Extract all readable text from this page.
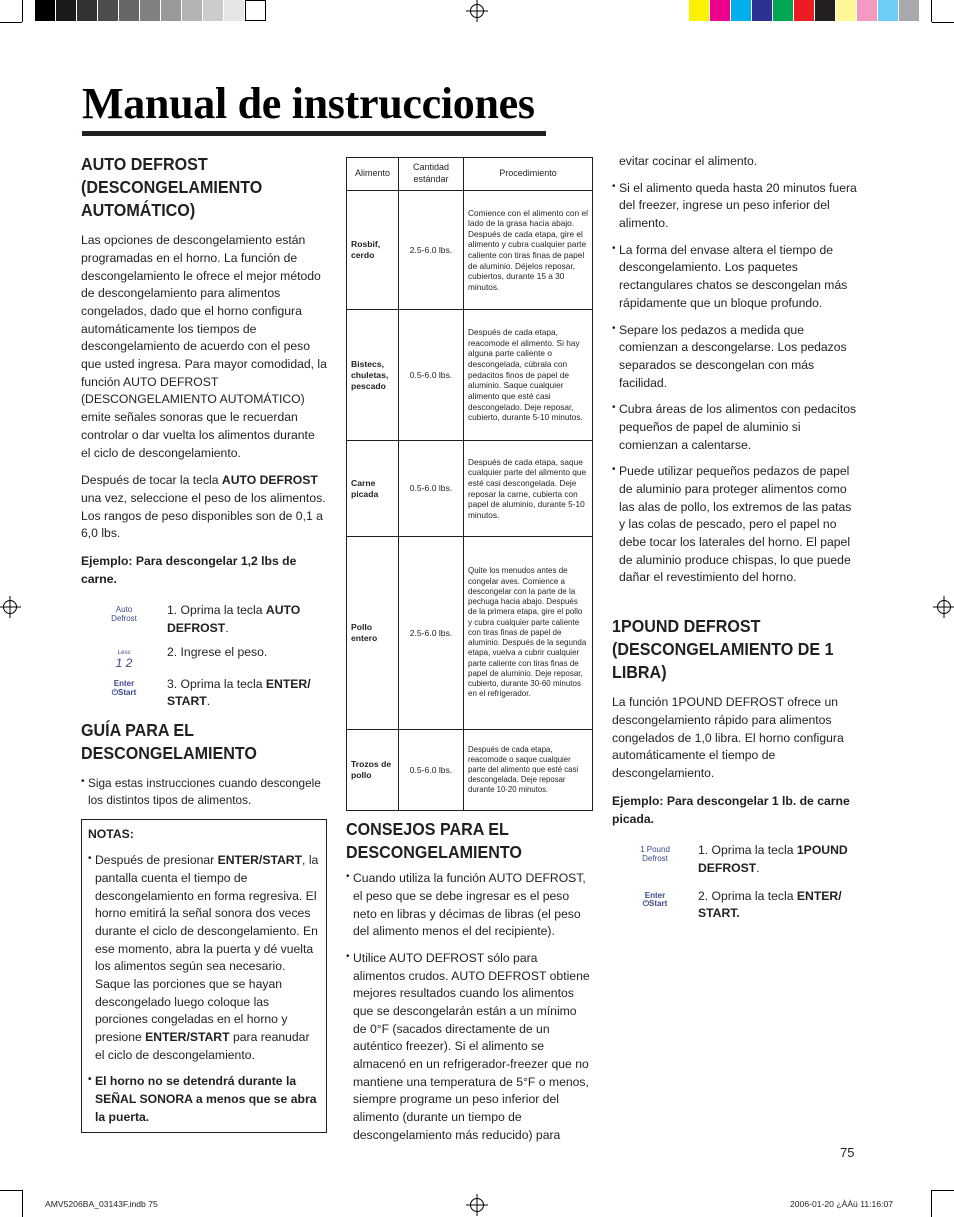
Manual de instrucciones
AUTO DEFROST (DESCONGELAMIENTO AUTOMÁTICO)

Las opciones de descongelamiento están programadas en el horno. La función de descongelamiento le ofrece el mejor método de descongelamiento para alimentos congelados, dado que el horno configura automáticamente los tiempos de descongelamiento de acuerdo con el peso que usted ingresa. Para mayor comodidad, la función AUTO DEFROST (DESCONGELAMIENTO AUTOMÁTICO) emite señales sonoras que le recuerdan controlar o dar vuelta los alimentos durante el ciclo de descongelamiento.

Después de tocar la tecla AUTO DEFROST una vez, seleccione el peso de los alimentos. Los rangos de peso disponibles son de 0,1 a 6,0 lbs.

Ejemplo: Para descongelar 1,2 lbs de carne.

Auto
Defrost
1. Oprima la tecla AUTO DEFROST.
Less
1 2
2. Ingrese el peso.
Enter
⏻︎Start
3. Oprima la tecla ENTER/ START.
GUÍA PARA EL DESCONGELAMIENTO
• Siga estas instrucciones cuando descongele los distintos tipos de alimentos.
NOTAS:
• Después de presionar ENTER/START, la pantalla cuenta el tiempo de descongelamiento en forma regresiva. El horno emitirá la señal sonora dos veces durante el ciclo de descongelamiento. En ese momento, abra la puerta y dé vuelta los alimentos según sea necesario. Saque las porciones que se hayan descongelado luego coloque las porciones congeladas en el horno y presione ENTER/START para reanudar el ciclo de descongelamiento.
• El horno no se detendrá durante la SEÑAL SONORA a menos que se abra la puerta.
Alimento	Cantidad estándar	Procedimiento
Rosbif, cerdo	2.5-6.0 lbs.	Comience con el alimento con el lado de la grasa hacia abajo. Después de cada etapa, gire el alimento y cubra cualquier parte caliente con tiras finas de papel de aluminio. Déjelos reposar, cubiertos, durante 15 a 30 minutos.
Bistecs, chuletas, pescado	0.5-6.0 lbs.	Después de cada etapa, reacomode el alimento. Si hay alguna parte caliente o descongelada, cúbrala con pedacitos finos de papel de aluminio. Saque cualquier alimento que esté casi descongelado. Deje reposar, cubierto, durante 5-10 minutos.
Carne picada	0.5-6.0 lbs.	Después de cada etapa, saque cualquier parte del alimento que esté casi descongelada. Deje reposar la carne, cubierta con papel de aluminio, durante 5-10 minutos.
Pollo entero	2.5-6.0 lbs.	Quite los menudos antes de congelar aves. Comience a descongelar con la parte de la pechuga hacia abajo. Después de la primera etapa, gire el pollo y cubra cualquier parte caliente con tiras finas de papel de aluminio. Después de la segunda etapa, vuelva a cubrir cualquier parte caliente con tiras finas de papel de aluminio. Deje reposar, cubierto, durante 30-60 minutos en el refrigerador.
Trozos de pollo	0.5-6.0 lbs.	Después de cada etapa, reacomode o saque cualquier parte del alimento que esté casi descongelada. Deje reposar durante 10-20 minutos.
CONSEJOS PARA EL DESCONGELAMIENTO
• Cuando utiliza la función AUTO DEFROST, el peso que se debe ingresar es el peso neto en libras y décimas de libras (el peso del alimento menos el del recipiente).
• Utilice AUTO DEFROST sólo para alimentos crudos. AUTO DEFROST obtiene mejores resultados cuando los alimentos que se descongelarán están a un mínimo de 0°F (sacados directamente de un auténtico freezer). Si el alimento se almacenó en un refrigerador-freezer que no mantiene una temperatura de 5°F o menos, siempre programe un peso inferior del alimento (durante un tiempo de descongelamiento más reducido) para
evitar cocinar el alimento.
• Si el alimento queda hasta 20 minutos fuera del freezer, ingrese un peso inferior del alimento.
• La forma del envase altera el tiempo de descongelamiento. Los paquetes rectangulares chatos se descongelan más rápidamente que un bloque profundo.
• Separe los pedazos a medida que comienzan a descongelarse. Los pedazos separados se descongelan con más facilidad.
• Cubra áreas de los alimentos con pedacitos pequeños de papel de aluminio si comienzan a calentarse.
• Puede utilizar pequeños pedazos de papel de aluminio para proteger alimentos como las alas de pollo, los extremos de las patas y las colas de pescado, pero el papel no debe tocar los laterales del horno. El papel de aluminio produce chispas, lo que puede dañar el revestimiento del horno.
1POUND DEFROST (DESCONGELAMIENTO DE 1 LIBRA)

La función 1POUND DEFROST ofrece un descongelamiento rápido para alimentos congelados de 1,0 libra. El horno configura automáticamente el tiempo de descongelamiento.

Ejemplo: Para descongelar 1 lb. de carne picada.

1 Pound
Defrost
1. Oprima la tecla 1POUND DEFROST.
Enter
⏻︎Start
2. Oprima la tecla ENTER/ START.
75
AMV5206BA_03143F.indb 75	2006-01-20 ¿ÀÀü 11:16:07
